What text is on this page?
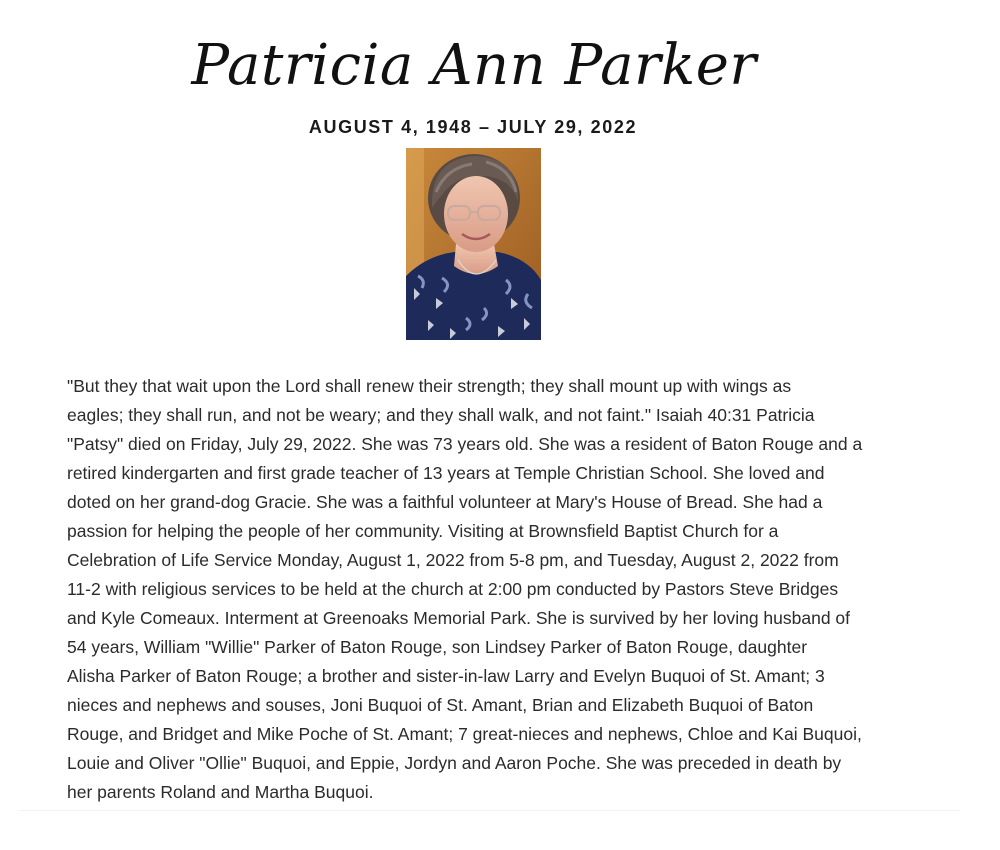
Patricia Ann Parker
AUGUST 4, 1948 – JULY 29, 2022
"But they that wait upon the Lord shall renew their strength; they shall mount up with wings as
eagles; they shall run, and not be weary; and they shall walk, and not faint." Isaiah 40:31 Patricia
"Patsy" died on Friday, July 29, 2022. She was 73 years old. She was a resident of Baton Rouge and a
retired kindergarten and first grade teacher of 13 years at Temple Christian School. She loved and
doted on her grand-dog Gracie. She was a faithful volunteer at Mary's House of Bread. She had a
passion for helping the people of her community. Visiting at Brownsfield Baptist Church for a
Celebration of Life Service Monday, August 1, 2022 from 5-8 pm, and Tuesday, August 2, 2022 from
11-2 with religious services to be held at the church at 2:00 pm conducted by Pastors Steve Bridges
and Kyle Comeaux. Interment at Greenoaks Memorial Park. She is survived by her loving husband of
54 years, William "Willie" Parker of Baton Rouge, son Lindsey Parker of Baton Rouge, daughter
Alisha Parker of Baton Rouge; a brother and sister-in-law Larry and Evelyn Buquoi of St. Amant; 3
nieces and nephews and souses, Joni Buquoi of St. Amant, Brian and Elizabeth Buquoi of Baton
Rouge, and Bridget and Mike Poche of St. Amant; 7 great-nieces and nephews, Chloe and Kai Buquoi,
Louie and Oliver "Ollie" Buquoi, and Eppie, Jordyn and Aaron Poche. She was preceded in death by
her parents Roland and Martha Buquoi.
